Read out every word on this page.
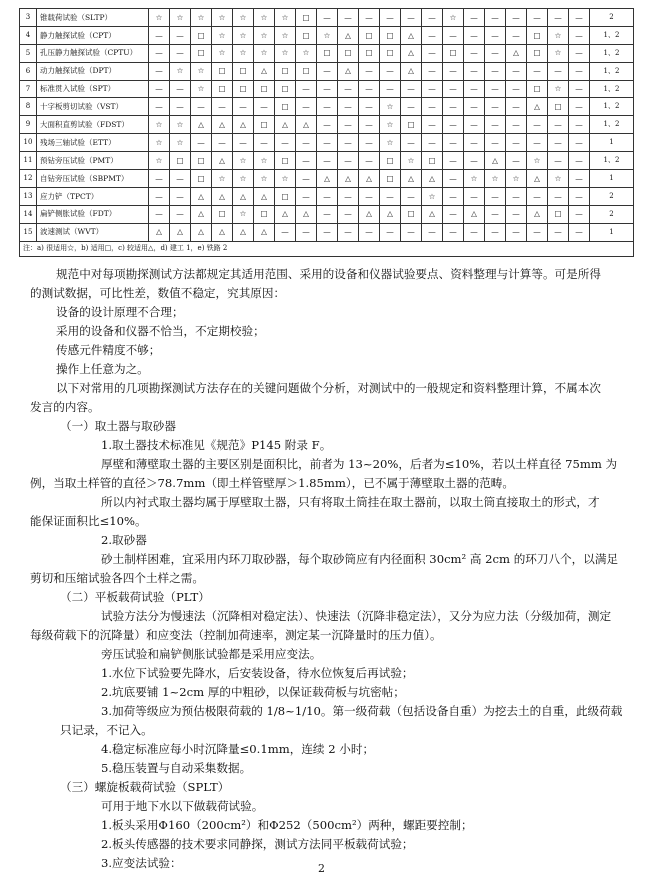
3	锥载荷试验（SLTP）	☆	☆	☆	☆	☆	☆	☆	□	—	—	—	—	—	—	☆	—	—	—	—	—	—	2
4	静力触探试验（CPT）	—	—	□	☆	☆	☆	☆	□	☆	△	□	□	△	—	—	—	—	—	□	☆	—	1、2
5	孔压静力触探试验（CPTU）	—	—	□	☆	☆	☆	☆	☆	□	□	□	□	△	—	□	—	—	△	□	☆	—	1、2
6	动力触探试验（DPT）	—	☆	☆	□	□	△	□	□	—	△	—	—	△	—	—	—	—	—	—	—	—	1、2
7	标准贯入试验（SPT）	—	—	☆	□	□	□	□	—	—	—	—	—	—	—	—	—	—	—	□	☆	—	1、2
8	十字板剪切试验（VST）	—	—	—	—	—	—	□	—	—	—	—	☆	—	—	—	—	—	—	△	□	—	1、2
9	大面积直剪试验（FDST）	☆	☆	△	△	△	□	△	△	—	—	—	☆	□	—	—	—	—	—	—	—	—	1、2
10	残场三轴试验（ETT）	☆	☆	—	—	—	—	—	—	—	—	—	☆	—	—	—	—	—	—	—	—	—	1
11	预钻旁压试验（PMT）	☆	□	□	△	☆	☆	□	—	—	—	—	□	☆	□	—	—	△	—	☆	—	—	1、2
12	自钻旁压试验（SBPMT）	—	—	□	☆	☆	☆	☆	—	△	△	△	□	△	△	—	☆	☆	☆	△	☆	—	1
13	应力铲（TPCT）	—	—	△	△	△	△	□	—	—	—	—	—	—	☆	—	—	—	—	—	—	—	2
14	扁铲侧胀试验（FDT）	—	—	△	□	☆	□	△	△	—	—	△	△	□	△	—	△	—	—	△	□	—	2
15	波速测试（WVT）	△	△	△	△	△	△	—	—	—	—	—	—	—	—	—	—	—	—	—	—	—	1
注：a) 很适用☆，b) 适用□，c) 较适用△，d) 建工 1，e) 铁路 2																							
规范中对每项勘探测试方法都规定其适用范围、采用的设备和仪器试验要点、资料整理与计算等。可是所得
的测试数据，可比性差，数值不稳定，究其原因：
设备的设计原理不合理；
采用的设备和仪器不恰当，不定期校验；
传感元件精度不够；
操作上任意为之。
以下对常用的几项勘探测试方法存在的关键问题做个分析，对测试中的一般规定和资料整理计算，不属本次
发言的内容。
（一）取土器与取砂器
1.取土器技术标准见《规范》P145 附录 F。
厚壁和薄壁取土器的主要区别是面积比，前者为 13~20%，后者为≤10%，若以土样直径 75mm 为
例，当取土样管的直径＞78.7mm（即土样管壁厚＞1.85mm），已不属于薄壁取土器的范畴。
所以内衬式取土器均属于厚壁取土器，只有将取土筒挂在取土器前，以取土筒直接取土的形式，才
能保证面积比≤10%。
2.取砂器
砂土制样困难，宜采用内环刀取砂器，每个取砂筒应有内径面积 30cm² 高 2cm 的环刀八个，以满足
剪切和压缩试验各四个土样之需。
（二）平板载荷试验（PLT）
试验方法分为慢速法（沉降相对稳定法）、快速法（沉降非稳定法），又分为应力法（分级加荷，测定
每级荷载下的沉降量）和应变法（控制加荷速率，测定某一沉降量时的压力值）。
旁压试验和扁铲侧胀试验都是采用应变法。
1.水位下试验要先降水，后安装设备，待水位恢复后再试验；
2.坑底要铺 1~2cm 厚的中粗砂，以保证载荷板与坑密帖；
3.加荷等级应为预估极限荷载的 1/8~1/10。第一级荷载（包括设备自重）为挖去土的自重，此级荷载
只记录，不记入。
4.稳定标准应每小时沉降量≤0.1mm，连续 2 小时；
5.稳压装置与自动采集数据。
（三）螺旋板载荷试验（SPLT）
可用于地下水以下做载荷试验。
1.板头采用Φ160（200cm²）和Φ252（500cm²）两种，螺距要控制；
2.板头传感器的技术要求同静探，测试方法同平板载荷试验；
3.应变法试验：	2
